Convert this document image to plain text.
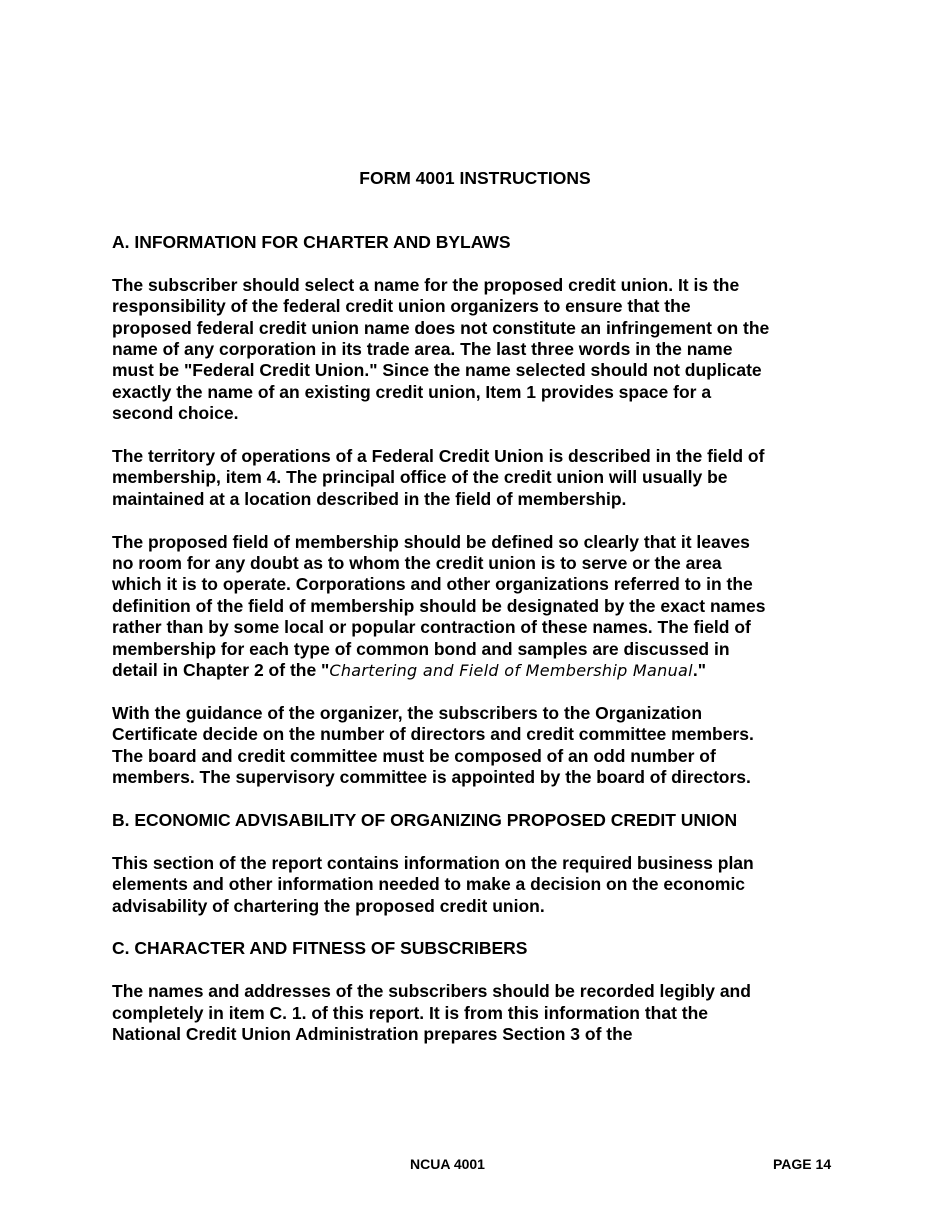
FORM 4001 INSTRUCTIONS
A. INFORMATION FOR CHARTER AND BYLAWS

The subscriber should select a name for the proposed credit union. It is the responsibility of the federal credit union organizers to ensure that the proposed federal credit union name does not constitute an infringement on the name of any corporation in its trade area. The last three words in the name must be "Federal Credit Union." Since the name selected should not duplicate exactly the name of an existing credit union, Item 1 provides space for a second choice.

The territory of operations of a Federal Credit Union is described in the field of membership, item 4. The principal office of the credit union will usually be maintained at a location described in the field of membership.

The proposed field of membership should be defined so clearly that it leaves no room for any doubt as to whom the credit union is to serve or the area which it is to operate. Corporations and other organizations referred to in the definition of the field of membership should be designated by the exact names rather than by some local or popular contraction of these names. The field of membership for each type of common bond and samples are discussed in detail in Chapter 2 of the "Chartering and Field of Membership Manual."

With the guidance of the organizer, the subscribers to the Organization Certificate decide on the number of directors and credit committee members. The board and credit committee must be composed of an odd number of members. The supervisory committee is appointed by the board of directors.

B. ECONOMIC ADVISABILITY OF ORGANIZING PROPOSED CREDIT UNION

This section of the report contains information on the required business plan elements and other information needed to make a decision on the economic advisability of chartering the proposed credit union.

C. CHARACTER AND FITNESS OF SUBSCRIBERS

The names and addresses of the subscribers should be recorded legibly and completely in item C. 1. of this report. It is from this information that the National Credit Union Administration prepares Section 3 of the

NCUA 4001	PAGE 14
